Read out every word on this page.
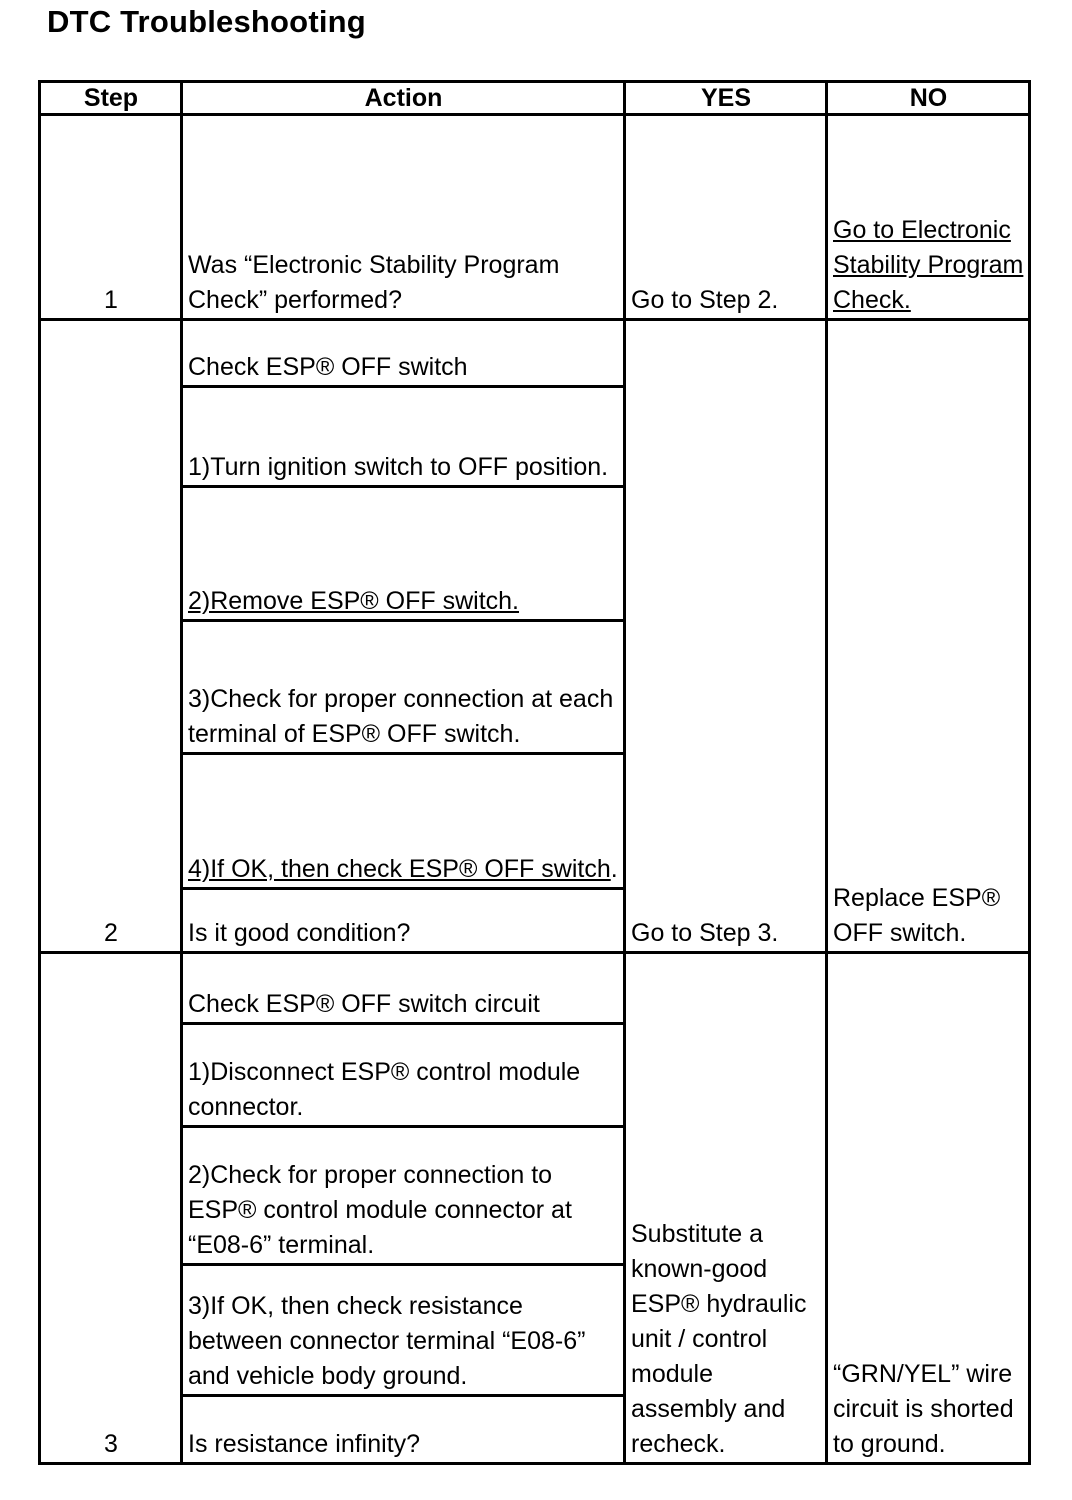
DTC Troubleshooting
Step	Action	YES	NO
1	Was “Electronic Stability Program Check” performed?	Go to Step 2.	Go to Electronic Stability Program Check.
2	Check ESP® OFF switch	Go to Step 3.	Replace ESP® OFF switch.
	1)Turn ignition switch to OFF position.		
	2)Remove ESP® OFF switch.		
	3)Check for proper connection at each terminal of ESP® OFF switch.		
	4)If OK, then check ESP® OFF switch.		
	Is it good condition?		
3	Check ESP® OFF switch circuit	Substitute a known-good ESP® hydraulic unit / control module assembly and recheck.	“GRN/YEL” wire circuit is shorted to ground.
	1)Disconnect ESP® control module connector.		
	2)Check for proper connection to ESP® control module connector at “E08-6” terminal.		
	3)If OK, then check resistance between connector terminal “E08-6” and vehicle body ground.		
	Is resistance infinity?		
